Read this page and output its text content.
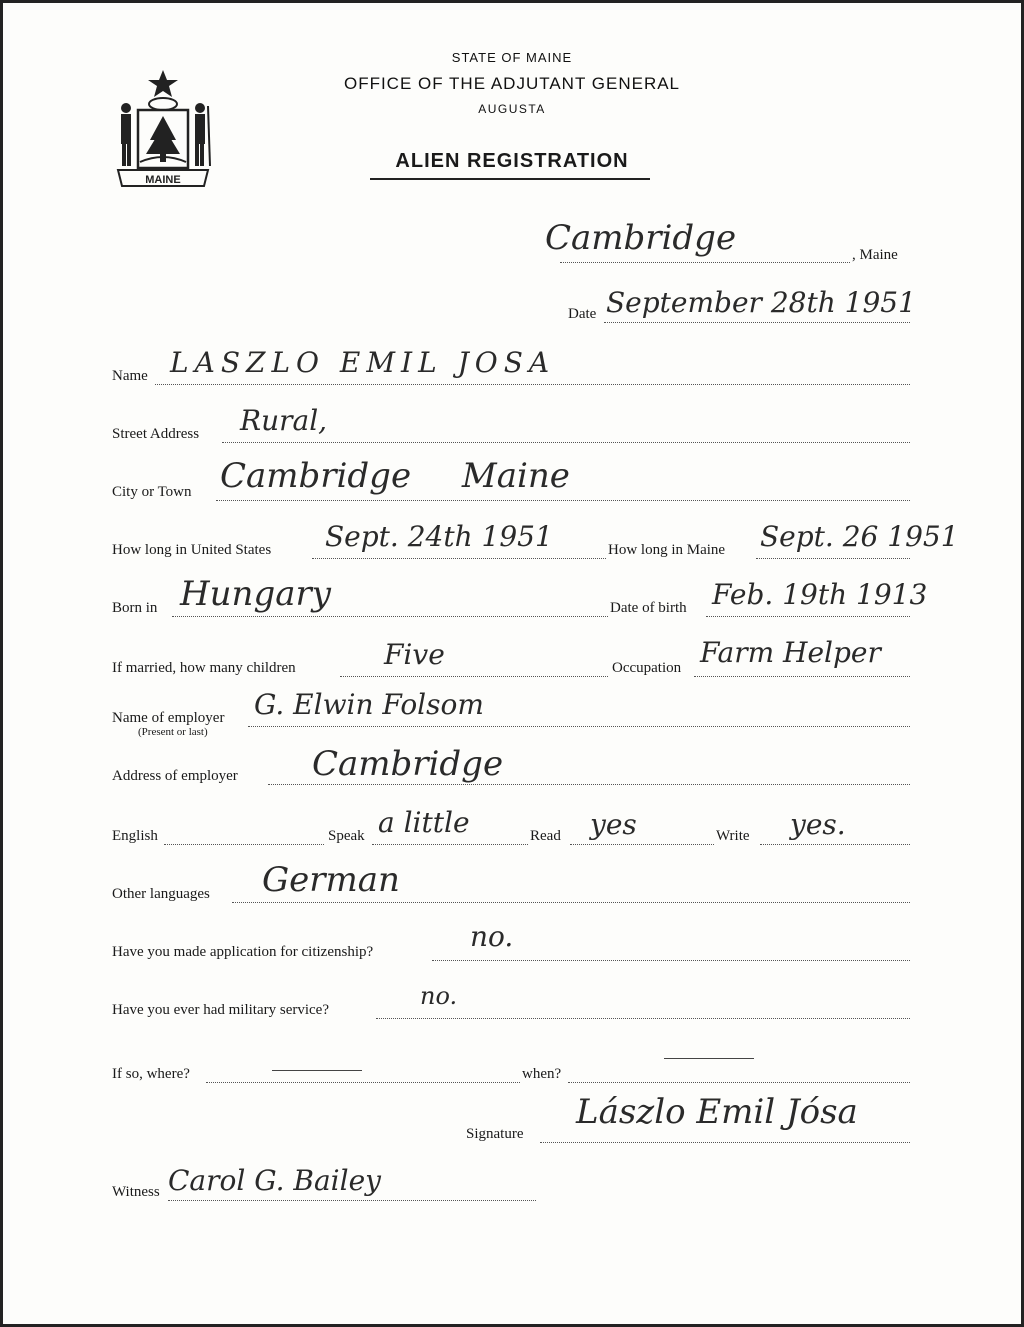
MAINE
STATE OF MAINE
OFFICE OF THE ADJUTANT GENERAL
AUGUSTA
ALIEN REGISTRATION
Cambridge	, Maine
Date September 28th 1951
Name LASZLO EMIL JOSA
Street Address Rural,
City or Town Cambridge Maine
How long in United States Sept. 24th 1951	How long in Maine Sept. 26 1951
Born in Hungary	Date of birth Feb. 19th 1913
If married, how many children	Five	Occupation Farm Helper
Name of employer
(Present or last)
G. Elwin Folsom
Address of employer Cambridge
English	Speak a little	Read yes	Write yes.
Other languages German
Have you made application for citizenship?	no.
Have you ever had military service?	no.
If so, where?	when?
Signature
Lászlo Emil Jósa
Witness Carol G. Bailey
